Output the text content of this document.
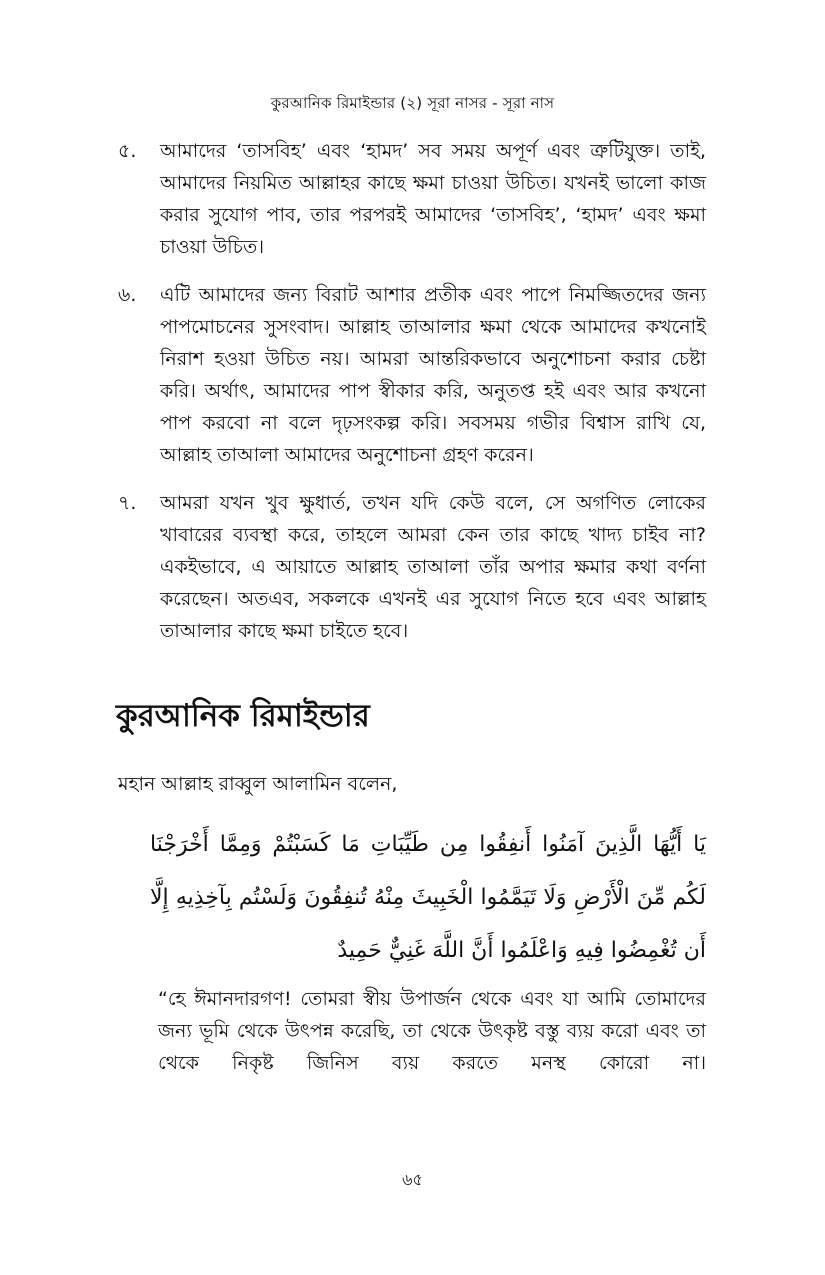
কুরআনিক রিমাইন্ডার (২) সূরা নাসর - সূরা নাস
৫.	আমাদের ‘তাসবিহ’ এবং ‘হামদ’ সব সময় অপূর্ণ এবং ত্রুটিযুক্ত। তাই, আমাদের নিয়মিত আল্লাহর কাছে ক্ষমা চাওয়া উচিত। যখনই ভালো কাজ করার সুযোগ পাব, তার পরপরই আমাদের ‘তাসবিহ’, ‘হামদ’ এবং ক্ষমা চাওয়া উচিত।
৬.	এটি আমাদের জন্য বিরাট আশার প্রতীক এবং পাপে নিমজ্জিতদের জন্য পাপমোচনের সুসংবাদ। আল্লাহ তাআলার ক্ষমা থেকে আমাদের কখনোই নিরাশ হওয়া উচিত নয়। আমরা আন্তরিকভাবে অনুশোচনা করার চেষ্টা করি। অর্থাৎ, আমাদের পাপ স্বীকার করি, অনুতপ্ত হই এবং আর কখনো পাপ করবো না বলে দৃঢ়সংকল্প করি। সবসময় গভীর বিশ্বাস রাখি যে, আল্লাহ তাআলা আমাদের অনুশোচনা গ্রহণ করেন।
৭.	আমরা যখন খুব ক্ষুধার্ত, তখন যদি কেউ বলে, সে অগণিত লোকের খাবারের ব্যবস্থা করে, তাহলে আমরা কেন তার কাছে খাদ্য চাইব না? একইভাবে, এ আয়াতে আল্লাহ তাআলা তাঁর অপার ক্ষমার কথা বর্ণনা করেছেন। অতএব, সকলকে এখনই এর সুযোগ নিতে হবে এবং আল্লাহ তাআলার কাছে ক্ষমা চাইতে হবে।
কুরআনিক রিমাইন্ডার
মহান আল্লাহ রাব্বুল আলামিন বলেন,
يَا أَيُّهَا الَّذِينَ آمَنُوا أَنفِقُوا مِن طَيِّبَاتِ مَا كَسَبْتُمْ وَمِمَّا أَخْرَجْنَا لَكُم مِّنَ الْأَرْضِ وَلَا تَيَمَّمُوا الْخَبِيثَ مِنْهُ تُنفِقُونَ وَلَسْتُم بِآخِذِيهِ إِلَّا أَن تُغْمِضُوا فِيهِ وَاعْلَمُوا أَنَّ اللَّهَ غَنِيٌّ حَمِيدٌ
“হে ঈমানদারগণ! তোমরা স্বীয় উপার্জন থেকে এবং যা আমি তোমাদের জন্য ভূমি থেকে উৎপন্ন করেছি, তা থেকে উৎকৃষ্ট বস্তু ব্যয় করো এবং তা থেকে নিকৃষ্ট জিনিস ব্যয় করতে মনস্থ কোরো না।
৬৫
